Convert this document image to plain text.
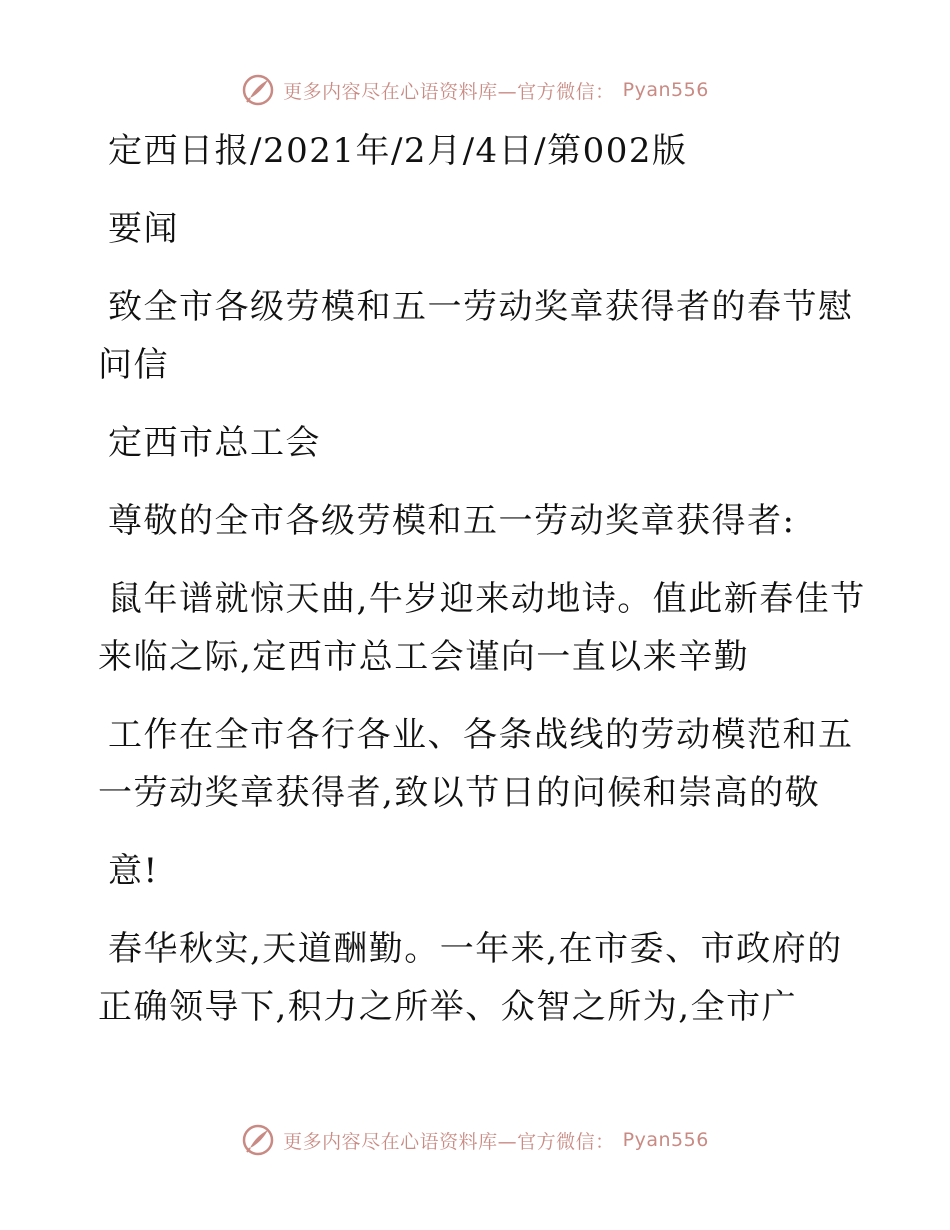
更多内容尽在心语资料库—官方微信： Pyan556
定西日报/2021年/2月/4日/第002版
要闻
致全市各级劳模和五一劳动奖章获得者的春节慰
问信
定西市总工会
尊敬的全市各级劳模和五一劳动奖章获得者:
鼠年谱就惊天曲,牛岁迎来动地诗。值此新春佳节
来临之际,定西市总工会谨向一直以来辛勤
工作在全市各行各业、各条战线的劳动模范和五
一劳动奖章获得者,致以节日的问候和崇高的敬
意!
春华秋实,天道酬勤。一年来,在市委、市政府的
正确领导下,积力之所举、众智之所为,全市广
更多内容尽在心语资料库—官方微信： Pyan556
